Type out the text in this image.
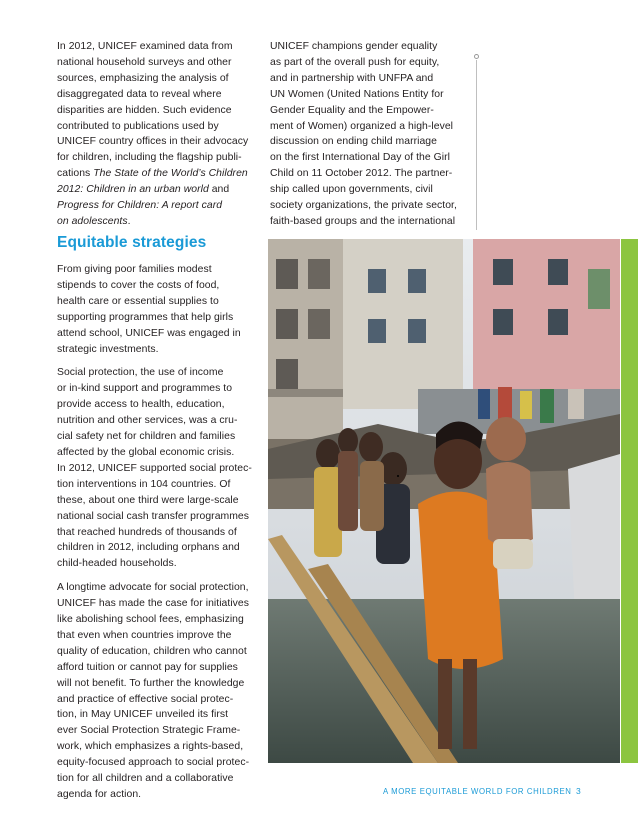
In 2012, UNICEF examined data from

national household surveys and other

sources, emphasizing the analysis of

disaggregated data to reveal where

disparities are hidden. Such evidence

contributed to publications used by

UNICEF country offices in their advocacy

for children, including the flagship publi-

cations The State of the World’s Children

2012: Children in an urban world and

Progress for Children: A report card

on adolescents.

UNICEF champions gender equality

as part of the overall push for equity,

and in partnership with UNFPA and

UN Women (United Nations Entity for

Gender Equality and the Empower-

ment of Women) organized a high-level

discussion on ending child marriage

on the first International Day of the Girl

Child on 11 October 2012. The partner-

ship called upon governments, civil

society organizations, the private sector,

faith-based groups and the international

Equitable strategies

From giving poor families modest
stipends to cover the costs of food,
health care or essential supplies to
supporting programmes that help girls
attend school, UNICEF was engaged in
strategic investments.

Social protection, the use of income
or in-kind support and programmes to
provide access to health, education,
nutrition and other services, was a cru-
cial safety net for children and families
affected by the global economic crisis.
In 2012, UNICEF supported social protec-
tion interventions in 104 countries. Of
these, about one third were large-scale
national social cash transfer programmes
that reached hundreds of thousands of
children in 2012, including orphans and
child-headed households.

A longtime advocate for social protection,
UNICEF has made the case for initiatives
like abolishing school fees, emphasizing
that even when countries improve the
quality of education, children who cannot
afford tuition or cannot pay for supplies
will not benefit. To further the knowledge
and practice of effective social protec-
tion, in May UNICEF unveiled its first
ever Social Protection Strategic Frame-
work, which emphasizes a rights-based,
equity-focused approach to social protec-
tion for all children and a collaborative
agenda for action.	A MORE EQUITABLE WORLD FOR CHILDREN 3
